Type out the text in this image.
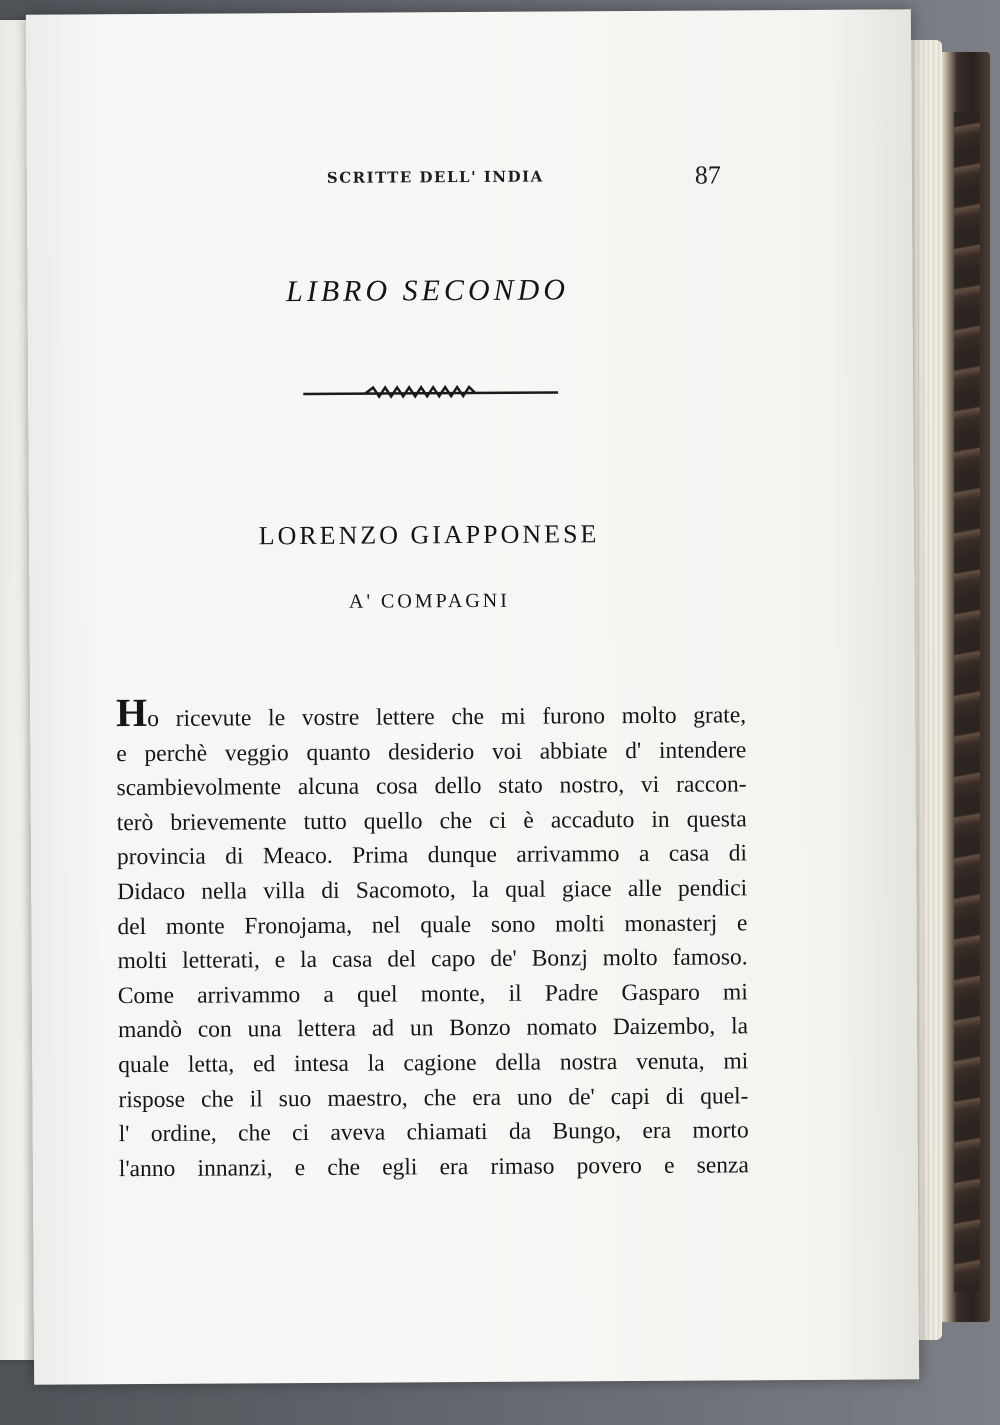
SCRITTE DELL' INDIA	87
LIBRO SECONDO
LORENZO GIAPPONESE
A' COMPAGNI
Ho ricevute le vostre lettere che mi furono molto grate,
e perchè veggio quanto desiderio voi abbiate d' intendere
scambievolmente alcuna cosa dello stato nostro, vi raccon-
terò brievemente tutto quello che ci è accaduto in questa
provincia di Meaco. Prima dunque arrivammo a casa di
Didaco nella villa di Sacomoto, la qual giace alle pendici
del monte Fronojama, nel quale sono molti monasterj e
molti letterati, e la casa del capo de' Bonzj molto famoso.
Come arrivammo a quel monte, il Padre Gasparo mi
mandò con una lettera ad un Bonzo nomato Daizembo, la
quale letta, ed intesa la cagione della nostra venuta, mi
rispose che il suo maestro, che era uno de' capi di quel-
l' ordine, che ci aveva chiamati da Bungo, era morto
l'anno innanzi, e che egli era rimaso povero e senza
